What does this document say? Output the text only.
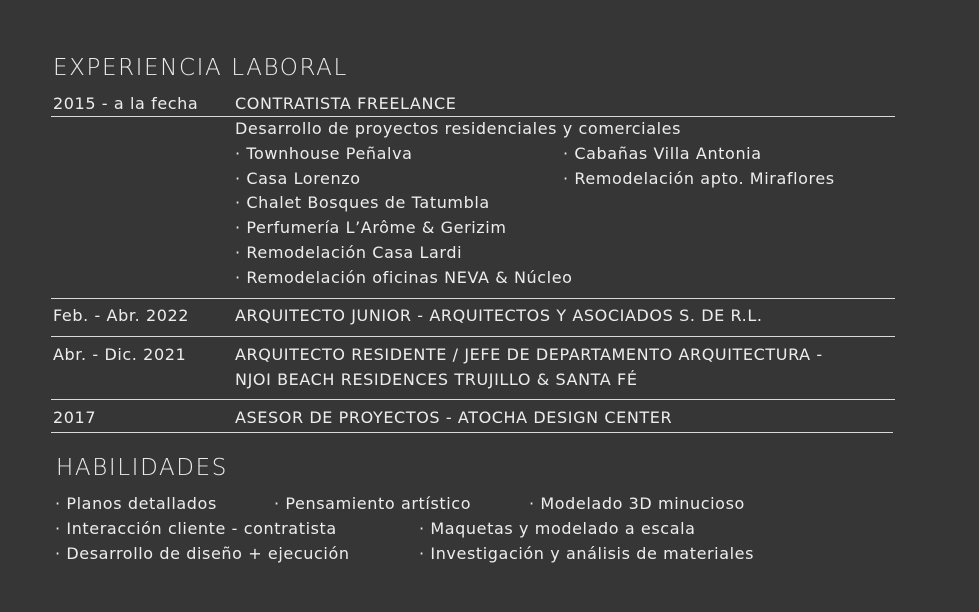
EXPERIENCIA LABORAL
2015 - a la fecha CONTRATISTA FREELANCE
Desarrollo de proyectos residenciales y comerciales
· Townhouse Peñalva
· Casa Lorenzo
· Chalet Bosques de Tatumbla
· Perfumería L’Arôme & Gerizim
· Remodelación Casa Lardi
· Remodelación oficinas NEVA & Núcleo
· Cabañas Villa Antonia
· Remodelación apto. Miraflores
Feb. - Abr. 2022	ARQUITECTO JUNIOR - ARQUITECTOS Y ASOCIADOS S. DE R.L.
Abr. - Dic. 2021	ARQUITECTO RESIDENTE / JEFE DE DEPARTAMENTO ARQUITECTURA -
NJOI BEACH RESIDENCES TRUJILLO & SANTA FÉ
2017	ASESOR DE PROYECTOS - ATOCHA DESIGN CENTER
HABILIDADES
· Planos detallados	· Pensamiento artístico	· Modelado 3D minucioso
· Interacción cliente - contratista	· Maquetas y modelado a escala
· Desarrollo de diseño + ejecución	· Investigación y análisis de materiales
